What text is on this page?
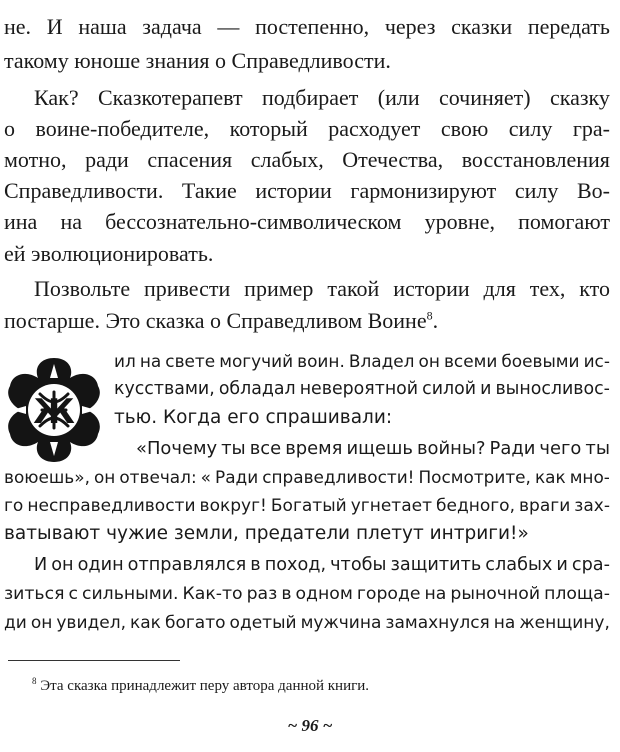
не. И наша задача — постепенно, через сказки передать
такому юноше знания о Справедливости.
Как? Сказкотерапевт подбирает (или сочиняет) сказку
о воине-победителе, который расходует свою силу гра-
мотно, ради спасения слабых, Отечества, восстановления
Справедливости. Такие истории гармонизируют силу Во-
ина на бессознательно-символическом уровне, помогают
ей эволюционировать.
Позвольте привести пример такой истории для тех, кто
постарше. Это сказка о Справедливом Воине$^8$.
Ж
ил на свете могучий воин. Владел он всеми боевыми ис-
кусствами, обладал невероятной силой и выносливос-
тью. Когда его спрашивали:
«Почему ты все время ищешь войны? Ради чего ты
воюешь», он отвечал: « Ради справедливости! Посмотрите, как мно-
го несправедливости вокруг! Богатый угнетает бедного, враги зах-
ватывают чужие земли, предатели плетут интриги!»
И он один отправлялся в поход, чтобы защитить слабых и сра-
зиться с сильными. Как-то раз в одном городе на рыночной площа-
ди он увидел, как богато одетый мужчина замахнулся на женщину,
$^8$ Эта сказка принадлежит перу автора данной книги.
~ 96 ~
